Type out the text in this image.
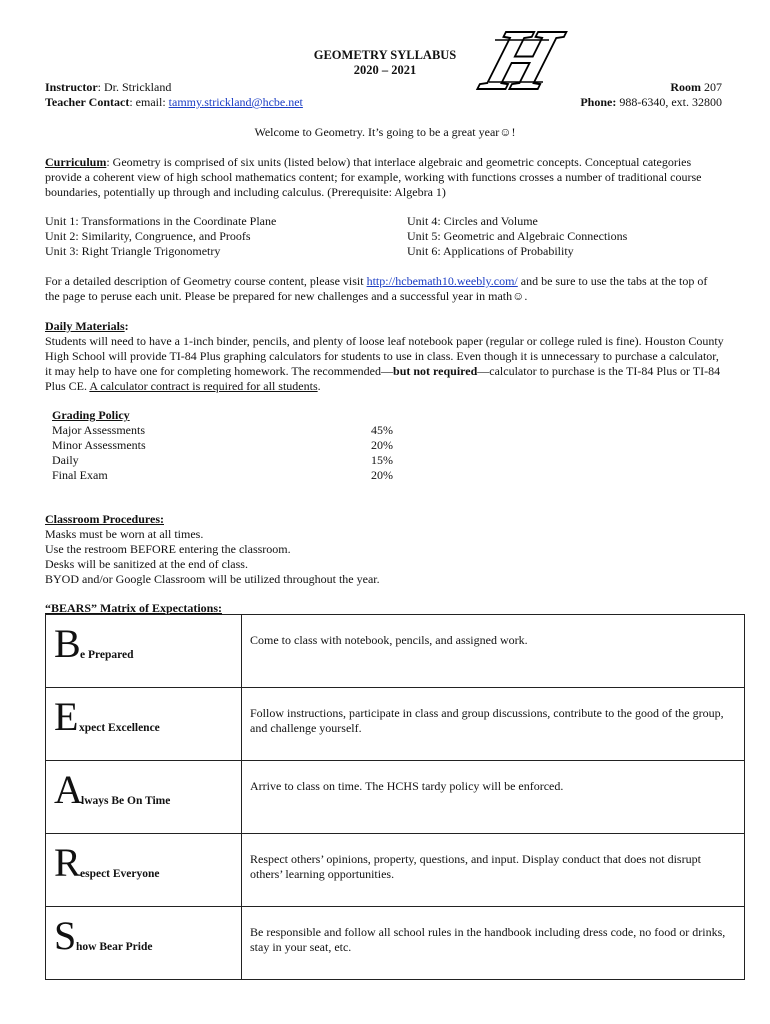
GEOMETRY SYLLABUS
2020 – 2021 H
Instructor: Dr. Strickland
Teacher Contact: email: tammy.strickland@hcbe.net
Room 207
Phone: 988-6340, ext. 32800
Welcome to Geometry. It’s going to be a great year☺!
Curriculum: Geometry is comprised of six units (listed below) that interlace algebraic and geometric concepts. Conceptual categories provide a coherent view of high school mathematics content; for example, working with functions crosses a number of traditional course boundaries, potentially up through and including calculus. (Prerequisite: Algebra 1)
Unit 1: Transformations in the Coordinate Plane
Unit 2: Similarity, Congruence, and Proofs
Unit 3: Right Triangle Trigonometry
Unit 4: Circles and Volume
Unit 5: Geometric and Algebraic Connections
Unit 6: Applications of Probability
For a detailed description of Geometry course content, please visit http://hcbemath10.weebly.com/ and be sure to use the tabs at the top of the page to peruse each unit. Please be prepared for new challenges and a successful year in math☺.
Daily Materials:
Students will need to have a 1-inch binder, pencils, and plenty of loose leaf notebook paper (regular or college ruled is fine). Houston County High School will provide TI-84 Plus graphing calculators for students to use in class. Even though it is unnecessary to purchase a calculator, it may help to have one for completing homework. The recommended—but not required—calculator to purchase is the TI-84 Plus or TI-84 Plus CE. A calculator contract is required for all students.
Grading Policy
Major Assessments	45%
Minor Assessments	20%
Daily	15%
Final Exam	20%
Classroom Procedures:
Masks must be worn at all times.
Use the restroom BEFORE entering the classroom.
Desks will be sanitized at the end of class.
BYOD and/or Google Classroom will be utilized throughout the year.
“BEARS” Matrix of Expectations:
B e Prepared	Come to class with notebook, pencils, and assigned work.

E xpect Excellence	Follow instructions, participate in class and group discussions, contribute to the good of the group, and challenge yourself.

A
lways Be On Time	Arrive to class on time. The HCHS tardy policy will be enforced.

R espect Everyone	Respect others’ opinions, property, questions, and input. Display conduct that does not disrupt others’ learning opportunities.

S how Bear Pride	Be responsible and follow all school rules in the handbook including dress code, no food or drinks, stay in your seat, etc.
